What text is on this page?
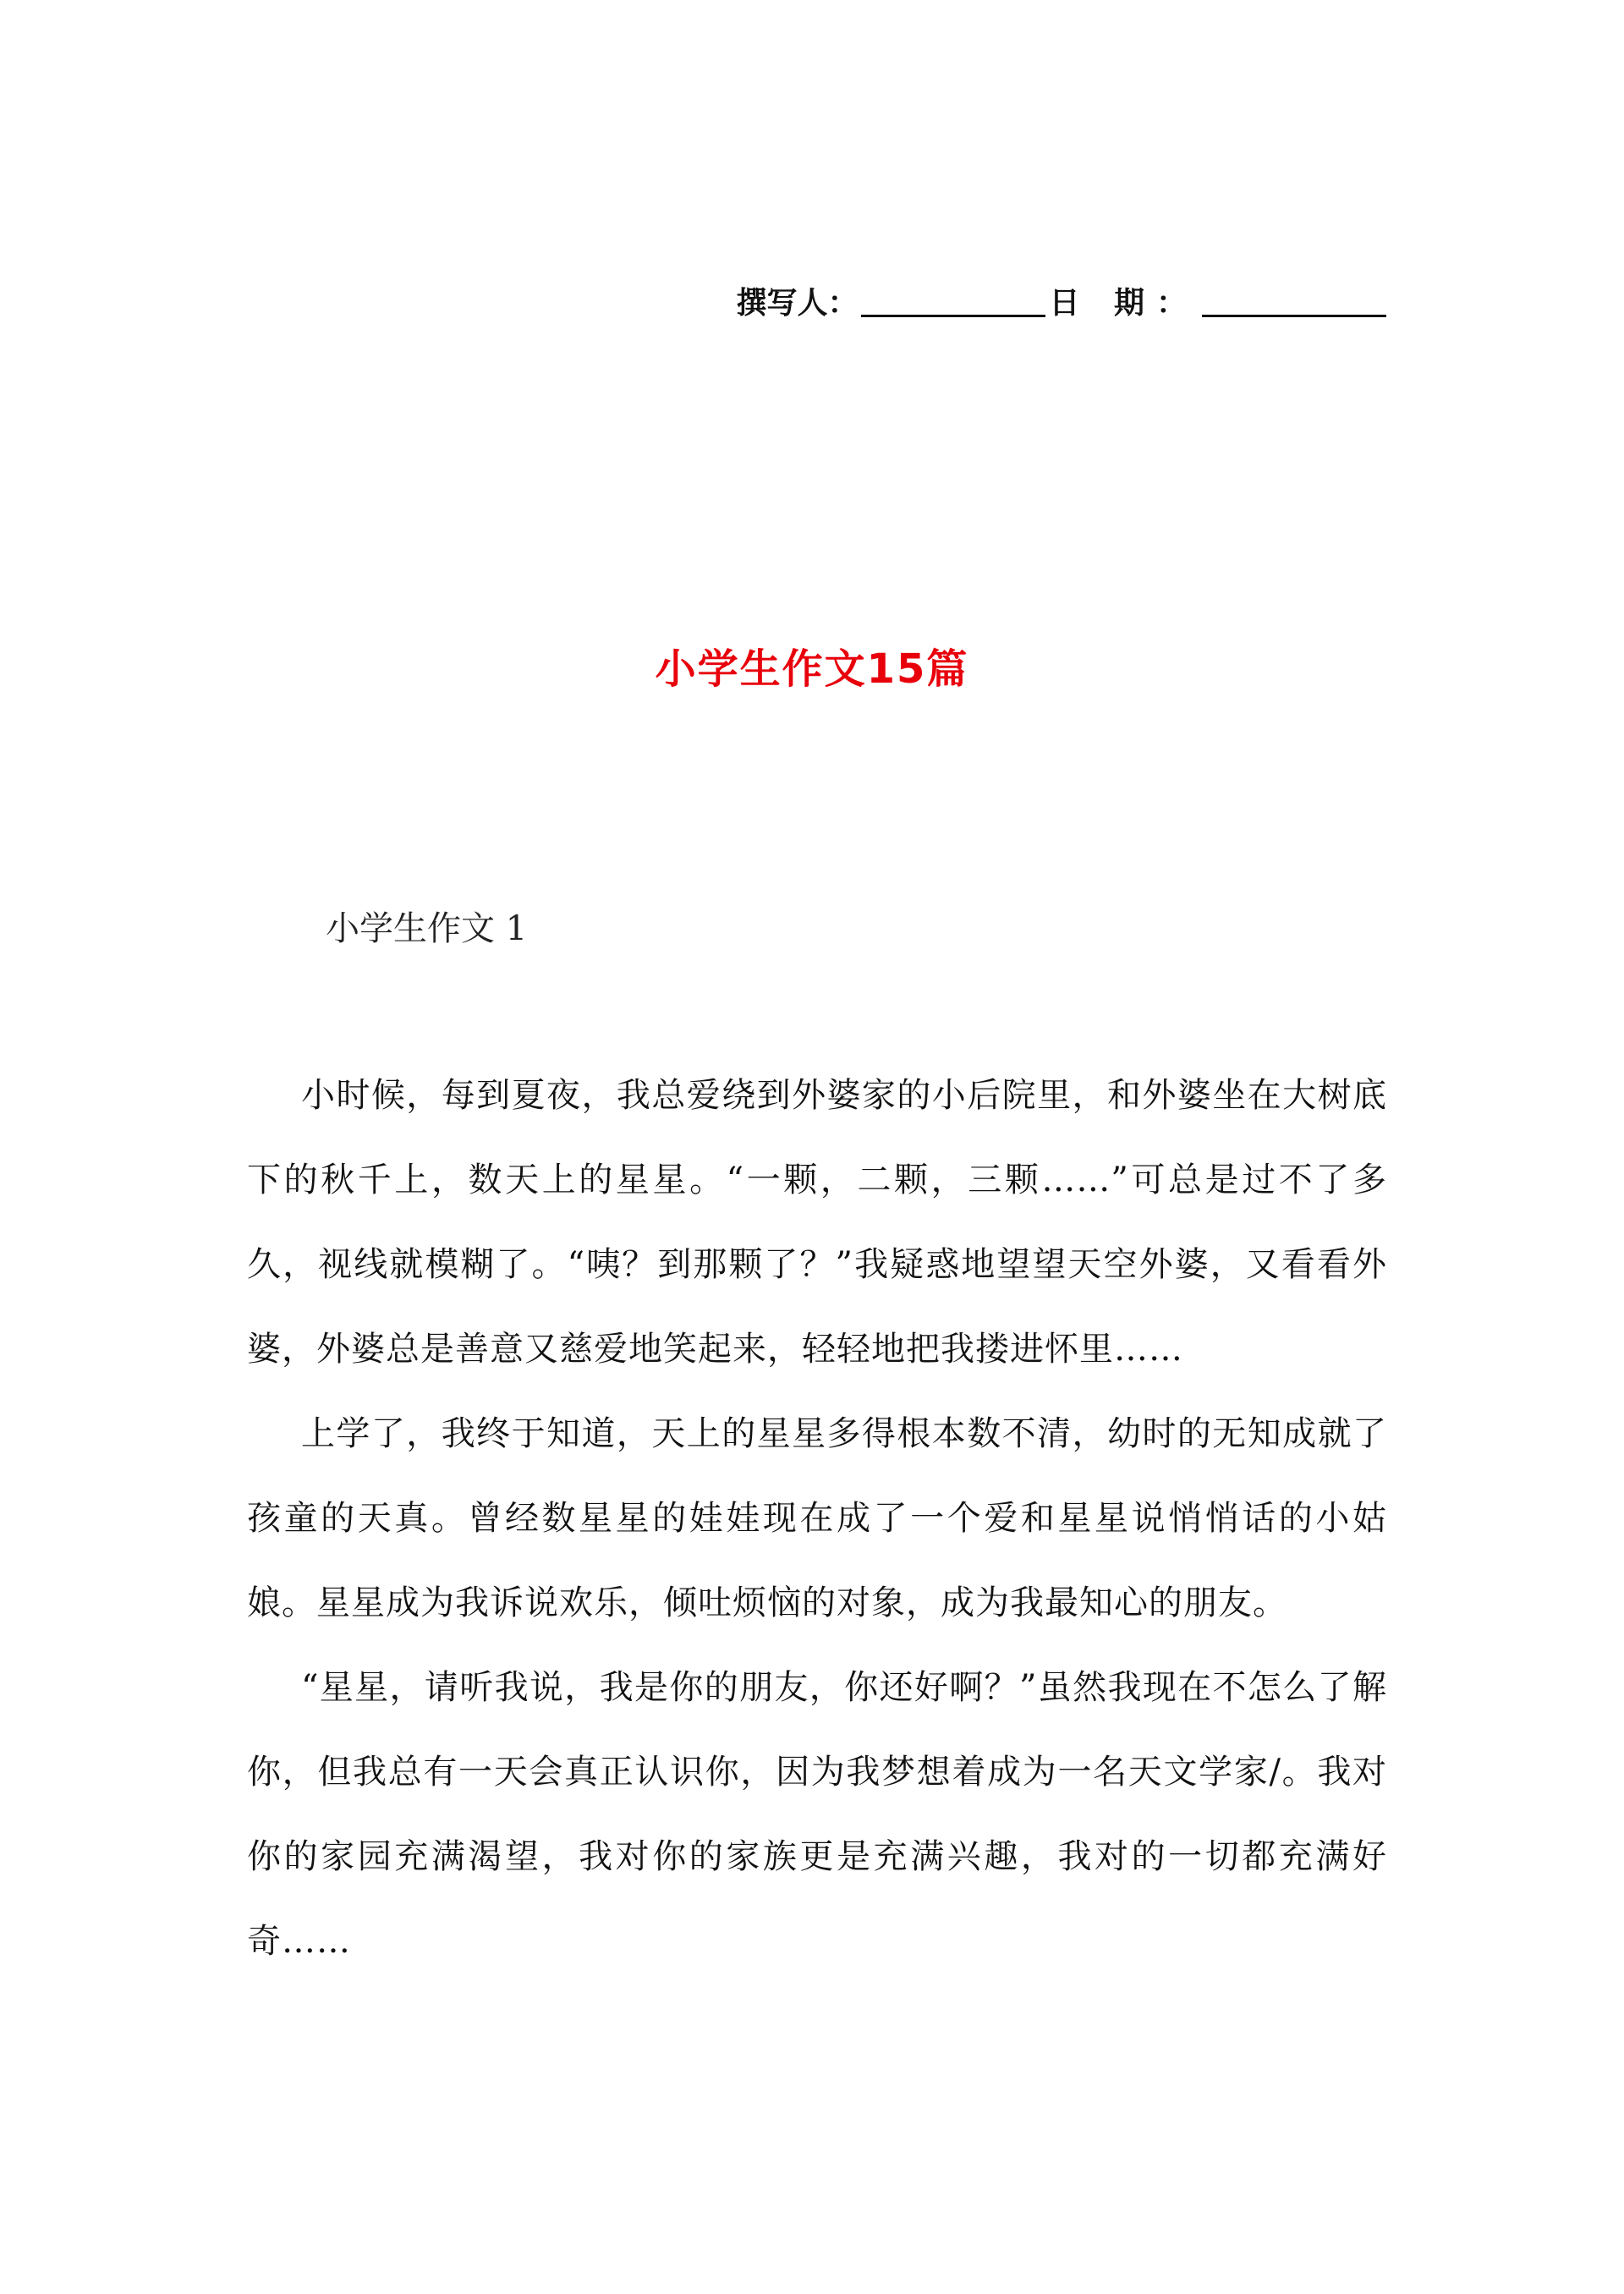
撰写人：	日 期：
小学生作文15篇
小学生作文 1

小时候，每到夏夜，我总爱绕到外婆家的小后院里，和外婆坐在大树底下的秋千上，数天上的星星。“一颗，二颗，三颗……”可总是过不了多久，视线就模糊了。“咦？到那颗了？”我疑惑地望望天空外婆，又看看外婆，外婆总是善意又慈爱地笑起来，轻轻地把我搂进怀里……

上学了，我终于知道，天上的星星多得根本数不清，幼时的无知成就了孩童的天真。曾经数星星的娃娃现在成了一个爱和星星说悄悄话的小姑娘。星星成为我诉说欢乐，倾吐烦恼的对象，成为我最知心的朋友。

“星星，请听我说，我是你的朋友，你还好啊？”虽然我现在不怎么了解你，但我总有一天会真正认识你，因为我梦想着成为一名天文学家/。我对你的家园充满渴望，我对你的家族更是充满兴趣，我对的一切都充满好奇……
